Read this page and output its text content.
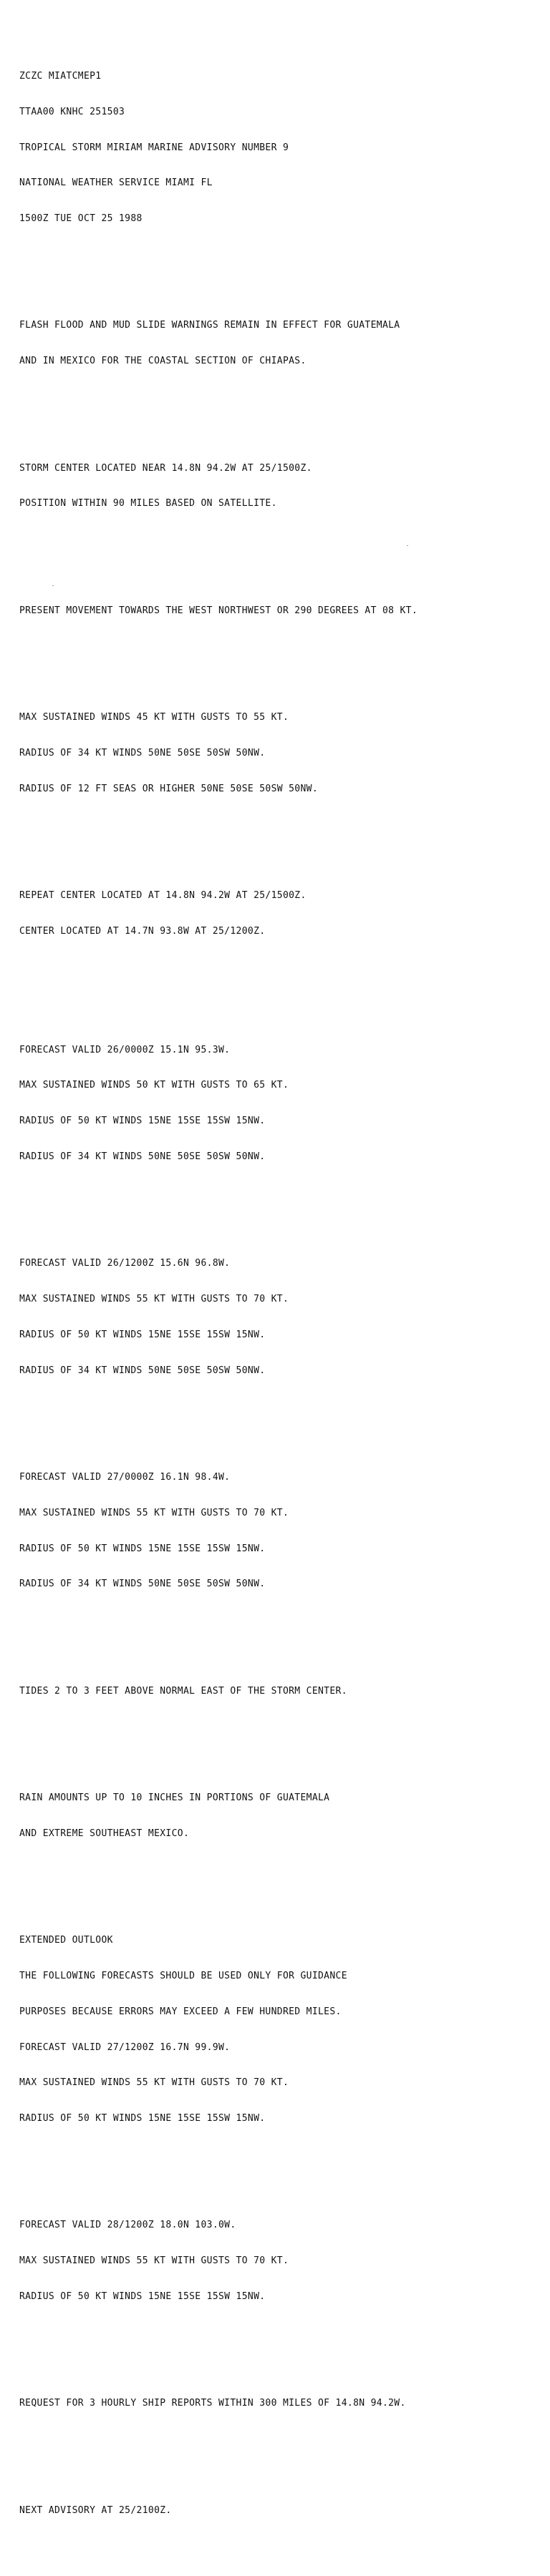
ZCZC MIATCMEP1

TTAA00 KNHC 251503

TROPICAL STORM MIRIAM MARINE ADVISORY NUMBER 9

NATIONAL WEATHER SERVICE MIAMI FL

1500Z TUE OCT 25 1988

FLASH FLOOD AND MUD SLIDE WARNINGS REMAIN IN EFFECT FOR GUATEMALA

AND IN MEXICO FOR THE COASTAL SECTION OF CHIAPAS.

STORM CENTER LOCATED NEAR 14.8N 94.2W AT 25/1500Z.

POSITION WITHIN 90 MILES BASED ON SATELLITE.

PRESENT MOVEMENT TOWARDS THE WEST NORTHWEST OR 290 DEGREES AT 08 KT.

MAX SUSTAINED WINDS 45 KT WITH GUSTS TO 55 KT.

RADIUS OF 34 KT WINDS 50NE 50SE 50SW 50NW.

RADIUS OF 12 FT SEAS OR HIGHER 50NE 50SE 50SW 50NW.

REPEAT CENTER LOCATED AT 14.8N 94.2W AT 25/1500Z.

CENTER LOCATED AT 14.7N 93.8W AT 25/1200Z.

FORECAST VALID 26/0000Z 15.1N 95.3W.

MAX SUSTAINED WINDS 50 KT WITH GUSTS TO 65 KT.

RADIUS OF 50 KT WINDS 15NE 15SE 15SW 15NW.

RADIUS OF 34 KT WINDS 50NE 50SE 50SW 50NW.

FORECAST VALID 26/1200Z 15.6N 96.8W.

MAX SUSTAINED WINDS 55 KT WITH GUSTS TO 70 KT.

RADIUS OF 50 KT WINDS 15NE 15SE 15SW 15NW.

RADIUS OF 34 KT WINDS 50NE 50SE 50SW 50NW.

FORECAST VALID 27/0000Z 16.1N 98.4W.

MAX SUSTAINED WINDS 55 KT WITH GUSTS TO 70 KT.

RADIUS OF 50 KT WINDS 15NE 15SE 15SW 15NW.

RADIUS OF 34 KT WINDS 50NE 50SE 50SW 50NW.

TIDES 2 TO 3 FEET ABOVE NORMAL EAST OF THE STORM CENTER.

RAIN AMOUNTS UP TO 10 INCHES IN PORTIONS OF GUATEMALA

AND EXTREME SOUTHEAST MEXICO.

EXTENDED OUTLOOK

THE FOLLOWING FORECASTS SHOULD BE USED ONLY FOR GUIDANCE

PURPOSES BECAUSE ERRORS MAY EXCEED A FEW HUNDRED MILES.

FORECAST VALID 27/1200Z 16.7N 99.9W.

MAX SUSTAINED WINDS 55 KT WITH GUSTS TO 70 KT.

RADIUS OF 50 KT WINDS 15NE 15SE 15SW 15NW.

FORECAST VALID 28/1200Z 18.0N 103.0W.

MAX SUSTAINED WINDS 55 KT WITH GUSTS TO 70 KT.

RADIUS OF 50 KT WINDS 15NE 15SE 15SW 15NW.

REQUEST FOR 3 HOURLY SHIP REPORTS WITHIN 300 MILES OF 14.8N 94.2W.

NEXT ADVISORY AT 25/2100Z.
